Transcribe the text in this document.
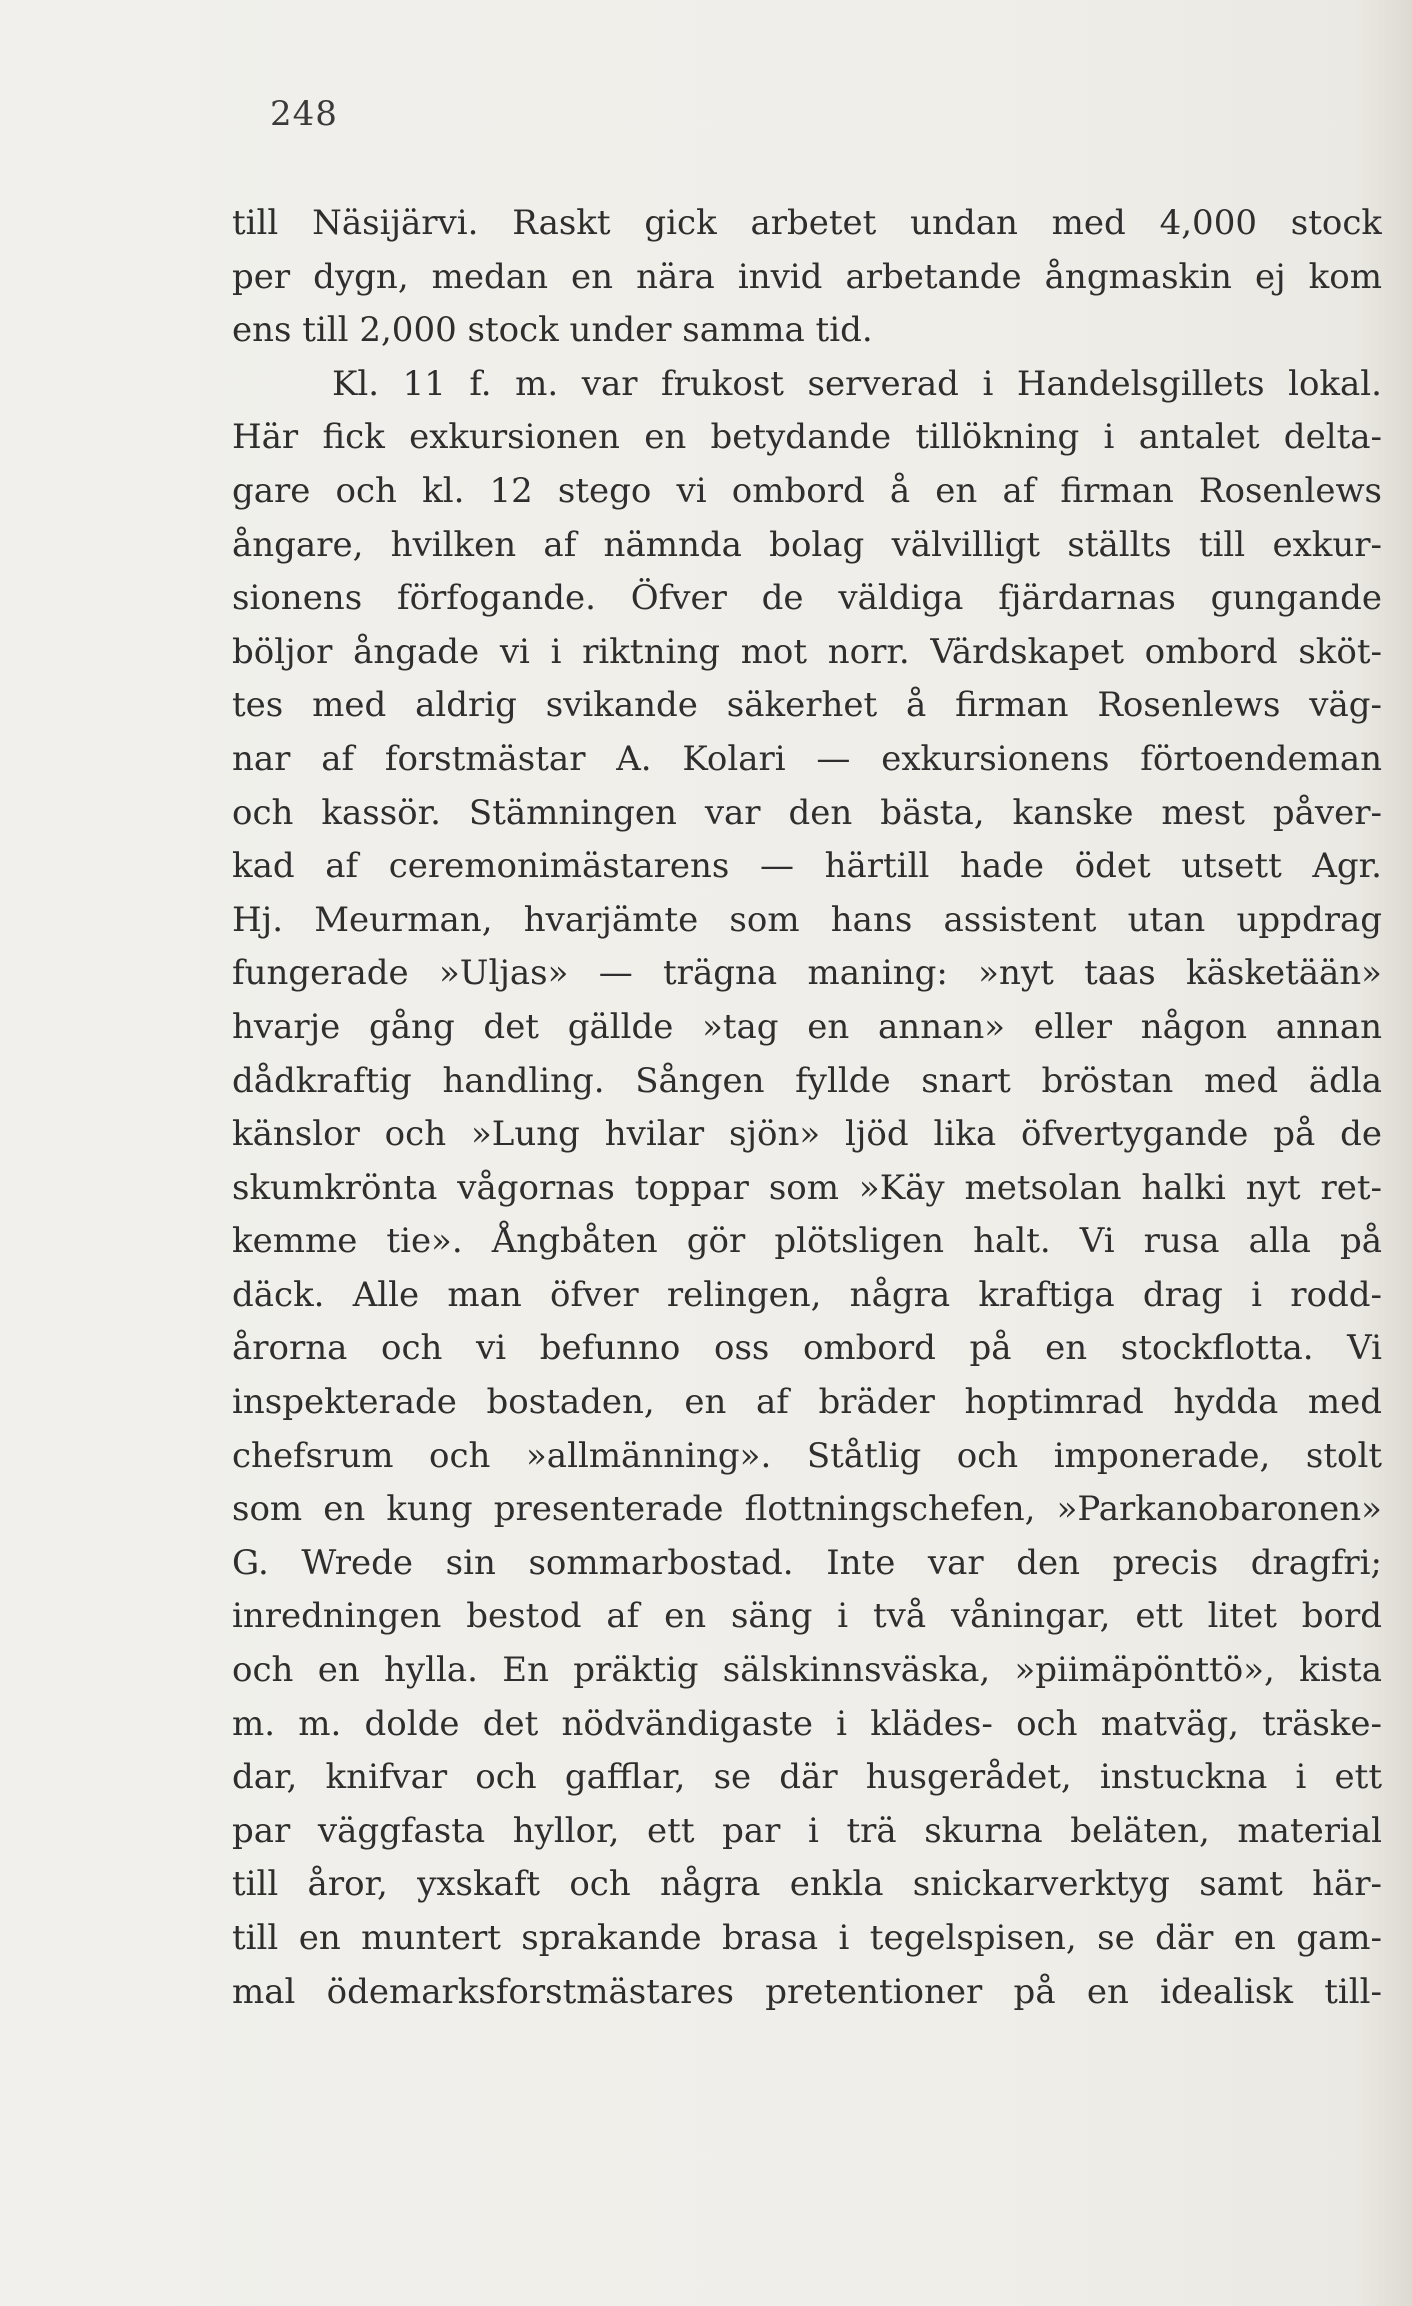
248
till Näsijärvi. Raskt gick arbetet undan med 4,000 stock
per dygn, medan en nära invid arbetande ångmaskin ej kom
ens till 2,000 stock under samma tid.
Kl. 11 f. m. var frukost serverad i Handelsgillets lokal.
Här fick exkursionen en betydande tillökning i antalet delta-
gare och kl. 12 stego vi ombord å en af firman Rosenlews
ångare, hvilken af nämnda bolag välvilligt ställts till exkur-
sionens förfogande. Öfver de väldiga fjärdarnas gungande
böljor ångade vi i riktning mot norr. Värdskapet ombord sköt-
tes med aldrig svikande säkerhet å firman Rosenlews väg-
nar af forstmästar A. Kolari — exkursionens förtoendeman
och kassör. Stämningen var den bästa, kanske mest påver-
kad af ceremonimästarens — härtill hade ödet utsett Agr.
Hj. Meurman, hvarjämte som hans assistent utan uppdrag
fungerade »Uljas» — trägna maning: »nyt taas käsketään»
hvarje gång det gällde »tag en annan» eller någon annan
dådkraftig handling. Sången fyllde snart bröstan med ädla
känslor och »Lung hvilar sjön» ljöd lika öfvertygande på de
skumkrönta vågornas toppar som »Käy metsolan halki nyt ret-
kemme tie». Ångbåten gör plötsligen halt. Vi rusa alla på
däck. Alle man öfver relingen, några kraftiga drag i rodd-
årorna och vi befunno oss ombord på en stockflotta. Vi
inspekterade bostaden, en af bräder hoptimrad hydda med
chefsrum och »allmänning». Ståtlig och imponerade, stolt
som en kung presenterade flottningschefen, »Parkanobaronen»
G. Wrede sin sommarbostad. Inte var den precis dragfri;
inredningen bestod af en säng i två våningar, ett litet bord
och en hylla. En präktig sälskinnsväska, »piimäpönttö», kista
m. m. dolde det nödvändigaste i klädes- och matväg, träske-
dar, knifvar och gafflar, se där husgerådet, instuckna i ett
par väggfasta hyllor, ett par i trä skurna beläten, material
till åror, yxskaft och några enkla snickarverktyg samt här-
till en muntert sprakande brasa i tegelspisen, se där en gam-
mal ödemarksforstmästares pretentioner på en idealisk till-
